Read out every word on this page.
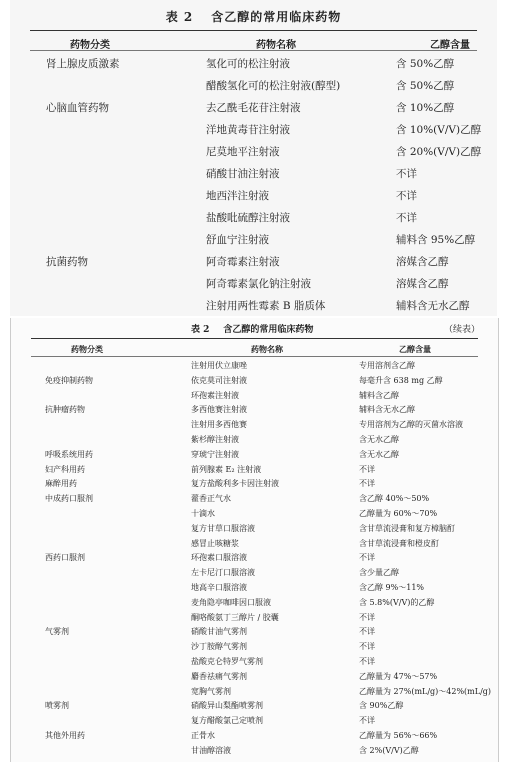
表 2 含乙醇的常用临床药物
药物分类	药物名称	乙醇含量
肾上腺皮质激素	氢化可的松注射液	含 50%乙醇
醋酸氢化可的松注射液(醇型)	含 50%乙醇
心脑血管药物	去乙酰毛花苷注射液	含 10%乙醇
洋地黄毒苷注射液	含 10%(V/V)乙醇
尼莫地平注射液	含 20%(V/V)乙醇
硝酸甘油注射液	不详
地西泮注射液	不详
盐酸吡硫醇注射液	不详
舒血宁注射液	辅料含 95%乙醇
抗菌药物	阿奇霉素注射液	溶媒含乙醇
阿奇霉素氯化钠注射液	溶媒含乙醇
注射用两性霉素 B 脂质体	辅料含无水乙醇
表 2 含乙醇的常用临床药物	（续表）
药物分类	药物名称	乙醇含量
注射用伏立康唑	专用溶剂含乙醇
免疫抑制药物	依克莫司注射液	每毫升含 638 mg 乙醇
环孢素注射液	辅料含乙醇
抗肿瘤药物	多西他赛注射液	辅料含无水乙醇
注射用多西他赛	专用溶剂为乙醇的灭菌水溶液
紫杉醇注射液	含无水乙醇
呼吸系统用药	穿琥宁注射液	含无水乙醇
妇产科用药	前列腺素 E₂ 注射液	不详
麻醉用药	复方盐酸利多卡因注射液	不详
中成药口服剂	藿香正气水	含乙醇 40%～50%
十滴水	乙醇量为 60%～70%
复方甘草口服溶液	含甘草流浸膏和复方樟脑酊
感冒止咳糖浆	含甘草流浸膏和橙皮酊
西药口服剂	环孢素口服溶液	不详
左卡尼汀口服溶液	含少量乙醇
地高辛口服溶液	含乙醇 9%～11%
麦角隐亭咖啡因口服液	含 5.8%(V/V)的乙醇
酮咯酸氨丁三醇片 / 胶囊	不详
气雾剂	硝酸甘油气雾剂	不详
沙丁胺醇气雾剂	不详
盐酸克仑特罗气雾剂	不详
麝香祛痛气雾剂	乙醇量为 47%～57%
宽胸气雾剂	乙醇量为 27%(mL/g)～42%(mL/g)
喷雾剂	硝酸异山梨酯喷雾剂	含 90%乙醇
复方醋酸氯己定喷剂	不详
其他外用药	正骨水	乙醇量为 56%～66%
甘油醇溶液	含 2%(V/V)乙醇
